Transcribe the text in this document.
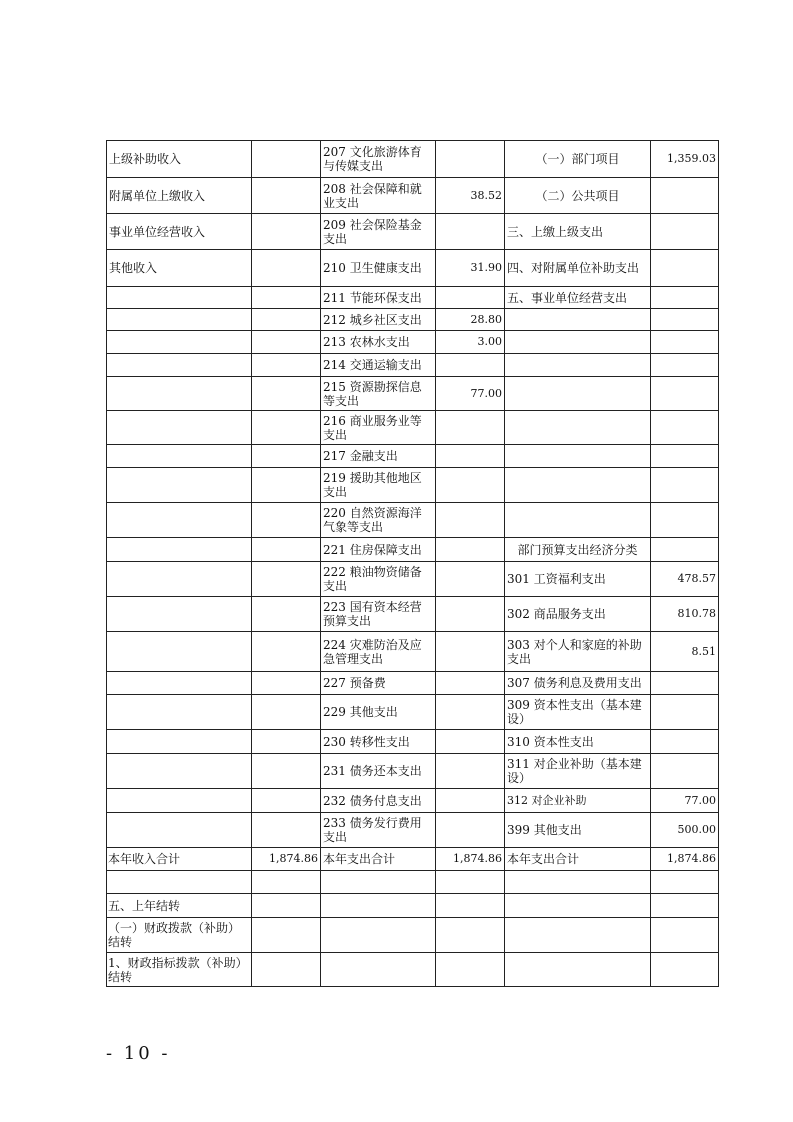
上级补助收入		207 文化旅游体育与传媒支出		（一）部门项目	1,359.03
附属单位上缴收入		208 社会保障和就业支出	38.52	（二）公共项目	
事业单位经营收入		209 社会保险基金支出		三、上缴上级支出	
其他收入		210 卫生健康支出	31.90	四、对附属单位补助支出	
		211 节能环保支出		五、事业单位经营支出	
		212 城乡社区支出	28.80		
		213 农林水支出	3.00		
		214 交通运输支出			
		215 资源勘探信息等支出	77.00		
		216 商业服务业等支出			
		217 金融支出			
		219 援助其他地区支出			
		220 自然资源海洋气象等支出			
		221 住房保障支出		部门预算支出经济分类	
		222 粮油物资储备支出		301 工资福利支出	478.57
		223 国有资本经营预算支出		302 商品服务支出	810.78
		224 灾难防治及应急管理支出		303 对个人和家庭的补助支出	8.51
		227 预备费		307 债务利息及费用支出	
		229 其他支出		309 资本性支出（基本建设）	
		230 转移性支出		310 资本性支出	
		231 债务还本支出		311 对企业补助（基本建设）	
		232 债务付息支出		312 对企业补助	77.00
		233 债务发行费用支出		399 其他支出	500.00
本年收入合计	1,874.86	本年支出合计	1,874.86	本年支出合计	1,874.86

五、上年结转					
（一）财政拨款（补助）结转					
1、财政指标拨款（补助）结转					
- 10 -
